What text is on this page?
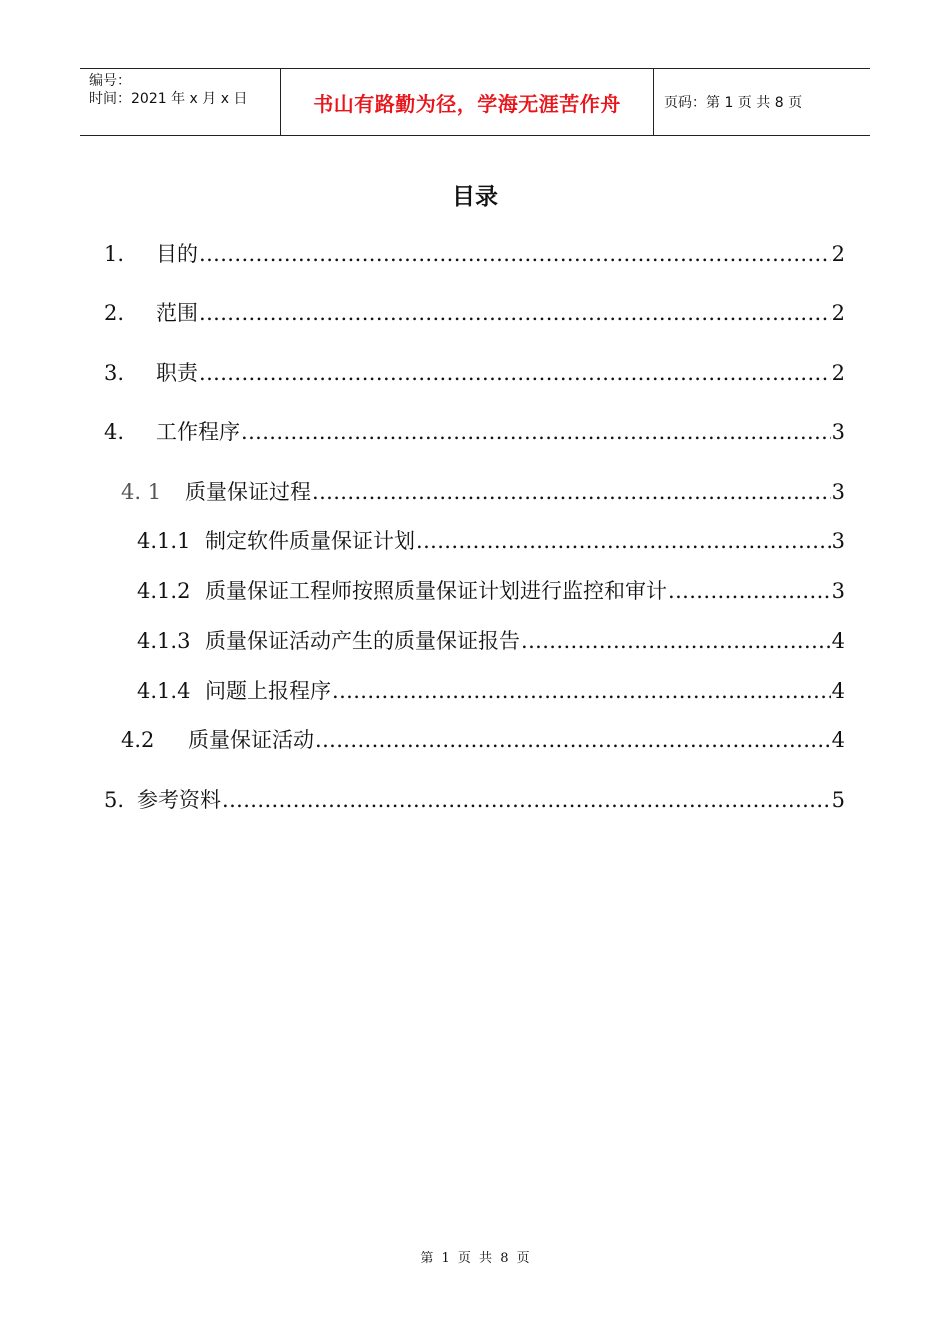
编号：
时间：2021 年 x 月 x 日	书山有路勤为径，学海无涯苦作舟	页码：第 1 页 共 8 页
目录
1.	目的 .....	2
2.	范围 .....	2
3.	职责 .....	2
4.	工作程序 .....	3
4. 1	质量保证过程 .....	3
4.1.1 制定软件质量保证计划 .....	3
4.1.2 质量保证工程师按照质量保证计划进行监控和审计 .....	3
4.1.3 质量保证活动产生的质量保证报告 .....	4
4.1.4 问题上报程序 .....	4
4.2	质量保证活动 .....	4
5. 参考资料 .....	5
第 1 页 共 8 页
